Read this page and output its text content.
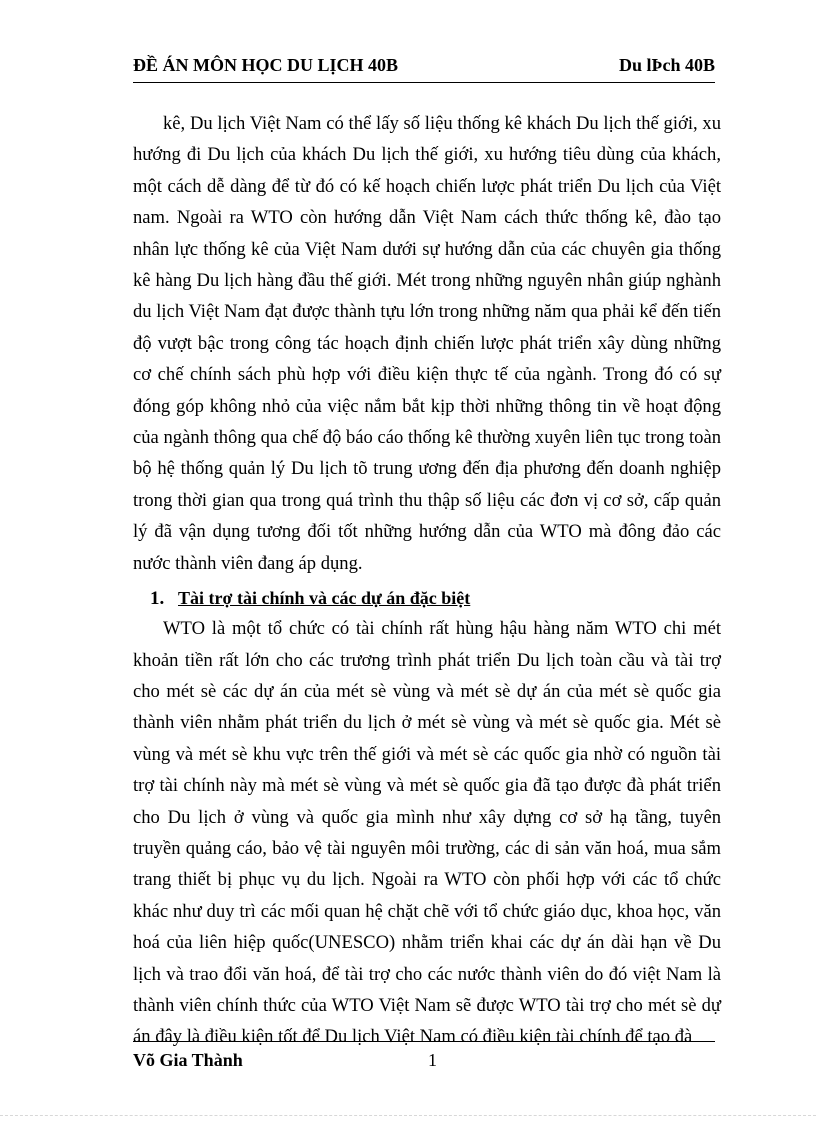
ĐỀ ÁN MÔN HỌC DU LỊCH 40B	Du lÞch 40B

kê, Du lịch Việt Nam có thể lấy số liệu thống kê khách Du lịch thế giới, xu hướng đi Du lịch của khách Du lịch thế giới, xu hướng tiêu dùng của khách, một cách dễ dàng để từ đó có kế hoạch chiến lược phát triển Du lịch của Việt nam. Ngoài ra WTO còn hướng dẫn Việt Nam cách thức thống kê, đào tạo nhân lực thống kê của Việt Nam dưới sự hướng dẫn của các chuyên gia thống kê hàng Du lịch hàng đầu thế giới. Mét trong những nguyên nhân giúp nghành du lịch Việt Nam đạt được thành tựu lớn trong những năm qua phải kể đến tiến độ vượt bậc trong công tác hoạch định chiến lược phát triển xây dùng những cơ chế chính sách phù hợp với điều kiện thực tế của ngành. Trong đó có sự đóng góp không nhỏ của việc nắm bắt kịp thời những thông tin về hoạt động của ngành thông qua chế độ báo cáo thống kê thường xuyên liên tục trong toàn bộ hệ thống quản lý Du lịch tõ trung ương đến địa phương đến doanh nghiệp trong thời gian qua trong quá trình thu thập số liệu các đơn vị cơ sở, cấp quản lý đã vận dụng tương đối tốt những hướng dẫn của WTO mà đông đảo các nước thành viên đang áp dụng.

1. Tài trợ tài chính và các dự án đặc biệt

WTO là một tổ chức có tài chính rất hùng hậu hàng năm WTO chi mét khoản tiền rất lớn cho các trương trình phát triển Du lịch toàn cầu và tài trợ cho mét sè các dự án của mét sè vùng và mét sè dự án của mét sè quốc gia thành viên nhằm phát triển du lịch ở mét sè vùng và mét sè quốc gia. Mét sè vùng và mét sè khu vực trên thế giới và mét sè các quốc gia nhờ có nguồn tài trợ tài chính này mà mét sè vùng và mét sè quốc gia đã tạo được đà phát triển cho Du lịch ở vùng và quốc gia mình như xây dựng cơ sở hạ tầng, tuyên truyền quảng cáo, bảo vệ tài nguyên môi trường, các di sản văn hoá, mua sắm trang thiết bị phục vụ du lịch. Ngoài ra WTO còn phối hợp với các tổ chức khác như duy trì các mối quan hệ chặt chẽ với tổ chức giáo dục, khoa học, văn hoá của liên hiệp quốc(UNESCO) nhằm triển khai các dự án dài hạn về Du lịch và trao đổi văn hoá, để tài trợ cho các nước thành viên do đó việt Nam là thành viên chính thức của WTO Việt Nam sẽ được WTO tài trợ cho mét sè dự án đây là điều kiện tốt để Du lịch Việt Nam có điều kiện tài chính để tạo đà

Võ Gia Thành	1
